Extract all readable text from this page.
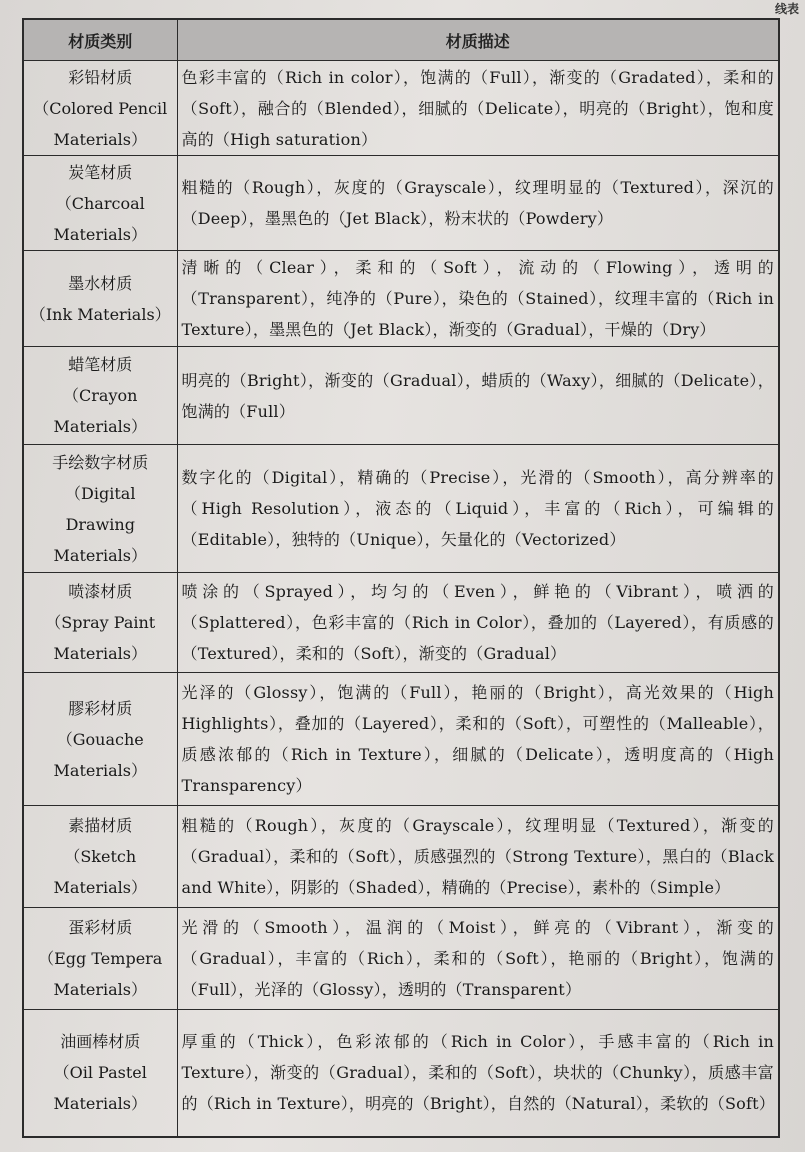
线表
材质类别	材质描述
彩铅材质
（Colored Pencil Materials）	色彩丰富的（Rich in color），饱满的（Full），渐变的（Gradated），柔和的（Soft），融合的（Blended），细腻的（Delicate），明亮的（Bright），饱和度高的（High saturation）
炭笔材质
（Charcoal Materials）	粗糙的（Rough），灰度的（Grayscale），纹理明显的（Textured），深沉的（Deep），墨黑色的（Jet Black），粉末状的（Powdery）
墨水材质
（Ink Materials）	清晰的（Clear），柔和的（Soft），流动的（Flowing），透明的（Transparent），纯净的（Pure），染色的（Stained），纹理丰富的（Rich in Texture），墨黑色的（Jet Black），渐变的（Gradual），干燥的（Dry）
蜡笔材质
（Crayon Materials）	明亮的（Bright），渐变的（Gradual），蜡质的（Waxy），细腻的（Delicate），饱满的（Full）
手绘数字材质
（Digital Drawing Materials）	数字化的（Digital），精确的（Precise），光滑的（Smooth），高分辨率的（High Resolution），液态的（Liquid），丰富的（Rich），可编辑的（Editable），独特的（Unique），矢量化的（Vectorized）
喷漆材质
（Spray Paint Materials）	喷涂的（Sprayed），均匀的（Even），鲜艳的（Vibrant），喷洒的（Splattered），色彩丰富的（Rich in Color），叠加的（Layered），有质感的（Textured），柔和的（Soft），渐变的（Gradual）
膠彩材质
（Gouache Materials）	光泽的（Glossy），饱满的（Full），艳丽的（Bright），高光效果的（High Highlights），叠加的（Layered），柔和的（Soft），可塑性的（Malleable），质感浓郁的（Rich in Texture），细腻的（Delicate），透明度高的（High Transparency）
素描材质
（Sketch Materials）	粗糙的（Rough），灰度的（Grayscale），纹理明显（Textured），渐变的（Gradual），柔和的（Soft），质感强烈的（Strong Texture），黑白的（Black and White），阴影的（Shaded），精确的（Precise），素朴的（Simple）
蛋彩材质
（Egg Tempera Materials）	光滑的（Smooth），温润的（Moist），鲜亮的（Vibrant），渐变的（Gradual），丰富的（Rich），柔和的（Soft），艳丽的（Bright），饱满的（Full），光泽的（Glossy），透明的（Transparent）
油画棒材质
（Oil Pastel Materials）	厚重的（Thick），色彩浓郁的（Rich in Color），手感丰富的（Rich in Texture），渐变的（Gradual），柔和的（Soft），块状的（Chunky），质感丰富的（Rich in Texture），明亮的（Bright），自然的（Natural），柔软的（Soft）
